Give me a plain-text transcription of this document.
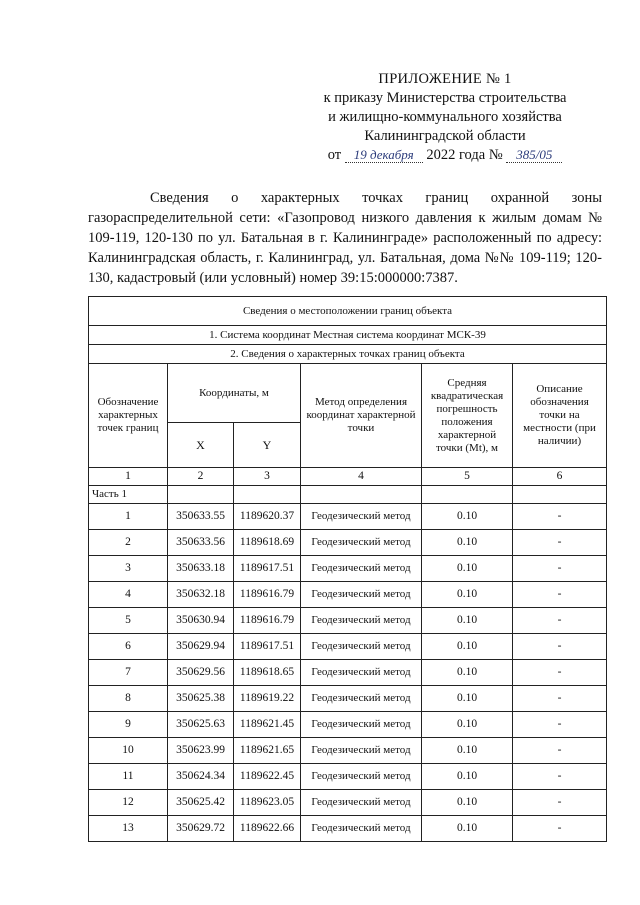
ПРИЛОЖЕНИЕ № 1
к приказу Министерства строительства
и жилищно-коммунального хозяйства
Калининградской области
от 19 декабря 2022 года № 385/05

Сведения о характерных точках границ охранной зоны газораспределительной сети: «Газопровод низкого давления к жилым домам № 109-119, 120-130 по ул. Батальная в г. Калининграде» расположенный по адресу: Калининградская область, г. Калининград, ул. Батальная, дома №№ 109-119; 120-130, кадастровый (или условный) номер 39:15:000000:7387.

Сведения о местоположении границ объекта					
1. Система координат Местная система координат МСК-39					
2. Сведения о характерных точках границ объекта					
Обозначение характерных точек границ	Координаты, м		Метод определения координат характерной точки	Средняя квадратическая погрешность положения характерной точки (Mt), м	Описание обозначения точки на местности (при наличии)
	X	Y			
1	2	3	4	5	6
Часть 1					
1	350633.55	1189620.37	Геодезический метод	0.10	-
2	350633.56	1189618.69	Геодезический метод	0.10	-
3	350633.18	1189617.51	Геодезический метод	0.10	-
4	350632.18	1189616.79	Геодезический метод	0.10	-
5	350630.94	1189616.79	Геодезический метод	0.10	-
6	350629.94	1189617.51	Геодезический метод	0.10	-
7	350629.56	1189618.65	Геодезический метод	0.10	-
8	350625.38	1189619.22	Геодезический метод	0.10	-
9	350625.63	1189621.45	Геодезический метод	0.10	-
10	350623.99	1189621.65	Геодезический метод	0.10	-
11	350624.34	1189622.45	Геодезический метод	0.10	-
12	350625.42	1189623.05	Геодезический метод	0.10	-
13	350629.72	1189622.66	Геодезический метод	0.10	-
